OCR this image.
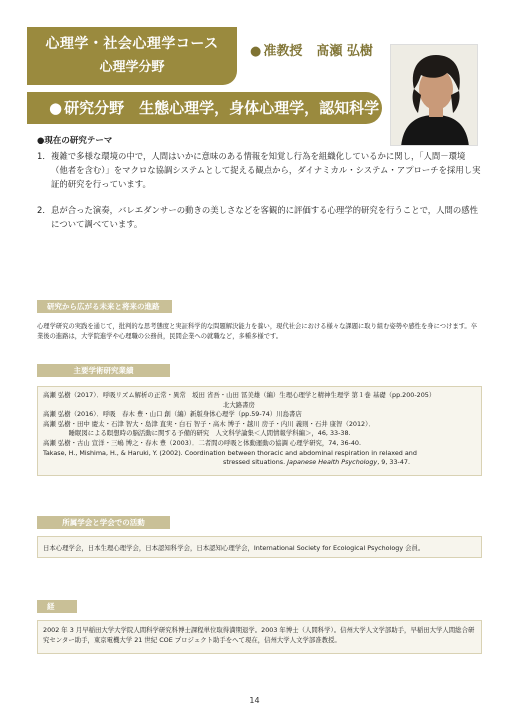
心理学・社会心理学コース
心理学分野
● 准教授 髙瀬 弘樹
● 研究分野　生態心理学，身体心理学，認知科学
●現在の研究テーマ
1． 複雑で多様な環境の中で，人間はいかに意味のある情報を知覚し行為を組織化しているかに関し，「人間－環境（他者を含む）」をマクロな協調システムとして捉える観点から，ダイナミカル・システム・アプローチを採用し実証的研究を行っています。
2． 息が合った演奏，バレエダンサーの動きの美しさなどを客観的に評価する心理学的研究を行うことで，人間の感性について調べています。
研究から広がる未来と将来の進路
心理学研究の実践を通じて，批判的な思考態度と実証科学的な問題解決能力を養い，現代社会における様々な課題に取り組む姿勢や感性を身につけます。卒業後の進路は，大学院進学や心理職の公務員，民間企業への就職など，多種多様です。
主要学術研究業績
高瀬 弘樹（2017）．呼吸リズム解析の正常・異常　坂田 省吾・山田 冨美雄（編）生理心理学と精神生理学 第１巻 基礎（pp.200-205）
北大路書房
高瀬 弘樹（2016）．呼吸　春木 豊・山口 創（編）新版身体心理学（pp.59-74）川島書店
高瀬 弘樹・田中 慶太・石津 智大・島津 直実・白石 智子・高木 博子・越川 房子・内川 義則・石井 康智（2012）．
　　　　睡眠図による瞑想時の脳活動に関する予備的研究　人文科学論集＜人間情報学科編＞，46, 33-38.
高瀬 弘樹・古山 宣洋・三嶋 博之・春木 豊（2003）．二者間の呼吸と体動運動の協調 心理学研究，74, 36-40.
Takase, H., Mishima, H., & Haruki, Y. (2002). Coordination between thoracic and abdominal respiration in relaxed and
stressed situations. Japanese Health Psychology, 9, 33-47.
所属学会と学会での活動
日本心理学会，日本生理心理学会，日本認知科学会，日本認知心理学会，International Society for Ecological Psychology 会員。
経　
2002 年 3 月早稲田大学大学院人間科学研究科博士課程単位取得満期退学。2003 年博士（人間科学）。信州大学人文学部助手，早稲田大学人間総合研究センター助手，東京電機大学 21 世紀 COE プロジェクト助手をへて現在，信州大学人文学部准教授。
14
